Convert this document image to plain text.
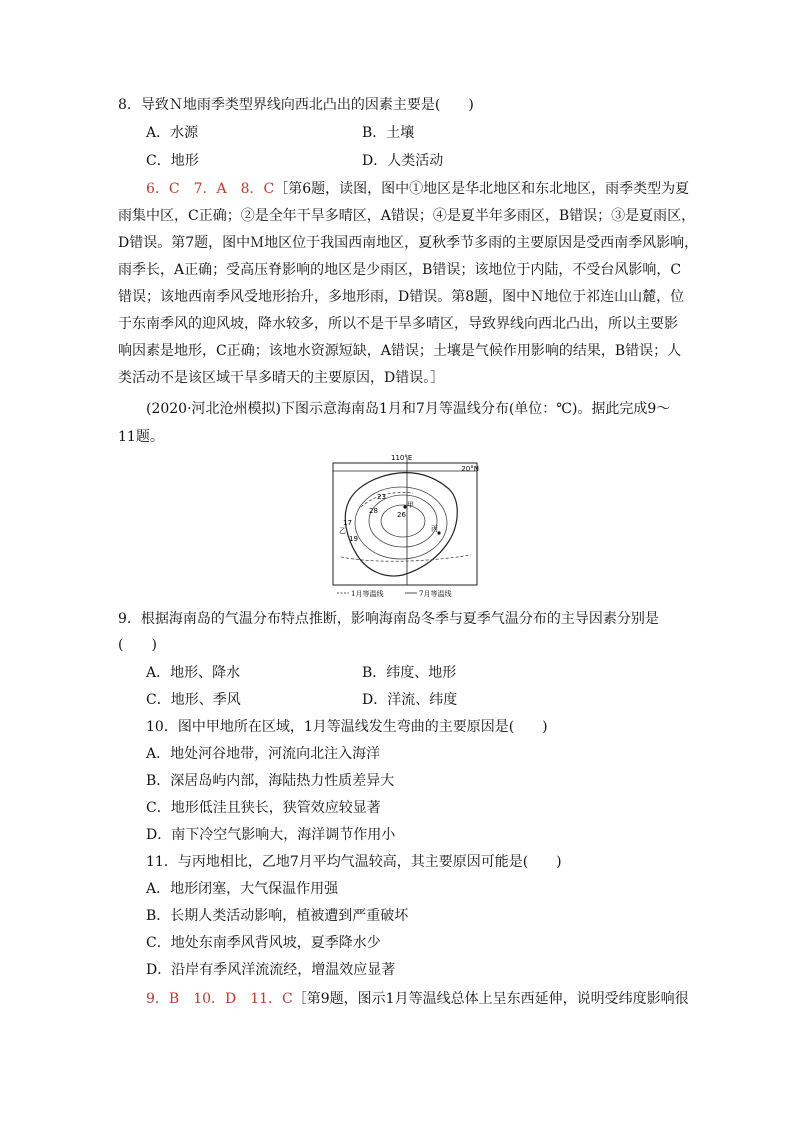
8．导致Ｎ地雨季类型界线向西北凸出的因素主要是(　　)
A．水源	B．土壤
C．地形	D．人类活动
6．C　7．A　8．C［第6题，读图，图中①地区是华北地区和东北地区，雨季类型为夏
雨集中区，C正确；②是全年干旱多晴区，A错误；④是夏半年多雨区，B错误；③是夏雨区，
D错误。第7题，图中Ｍ地区位于我国西南地区，夏秋季节多雨的主要原因是受西南季风影响，
雨季长，A正确；受高压脊影响的地区是少雨区，B错误；该地位于内陆，不受台风影响，C
错误；该地西南季风受地形抬升，多地形雨，D错误。第8题，图中Ｎ地位于祁连山山麓，位
于东南季风的迎风坡，降水较多，所以不是干旱多晴区，导致界线向西北凸出，所以主要影
响因素是地形，C正确；该地水资源短缺，A错误；土壤是气候作用影响的结果，B错误；人
类活动不是该区域干旱多晴天的主要原因，D错误。］
(2020·河北沧州模拟)下图示意海南岛1月和7月等温线分布(单位：℃)。据此完成9～
11题。
110°E
20°N
23
26
28
19
17
甲
乙	丙
1月等温线	7月等温线
9．根据海南岛的气温分布特点推断，影响海南岛冬季与夏季气温分布的主导因素分别是
(　　)
A．地形、降水	B．纬度、地形
C．地形、季风	D．洋流、纬度
10．图中甲地所在区域，1月等温线发生弯曲的主要原因是(　　)
A．地处河谷地带，河流向北注入海洋
B．深居岛屿内部，海陆热力性质差异大
C．地形低洼且狭长，狭管效应较显著
D．南下冷空气影响大，海洋调节作用小
11．与丙地相比，乙地7月平均气温较高，其主要原因可能是(　　)
A．地形闭塞，大气保温作用强
B．长期人类活动影响，植被遭到严重破坏
C．地处东南季风背风坡，夏季降水少
D．沿岸有季风洋流流经，增温效应显著
9．B　10．D　11．C［第9题，图示1月等温线总体上呈东西延伸，说明受纬度影响很
